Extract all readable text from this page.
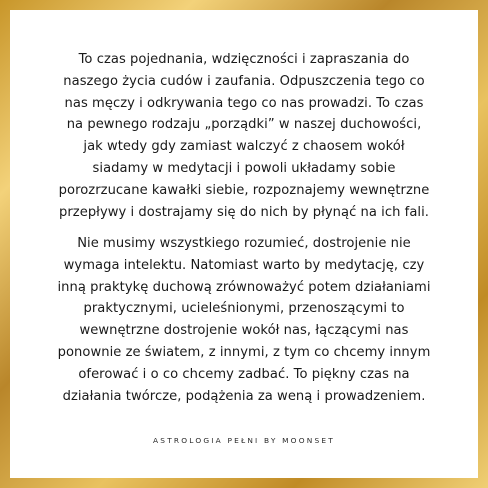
To czas pojednania, wdzięczności i zapraszania do
naszego życia cudów i zaufania. Odpuszczenia tego co
nas męczy i odkrywania tego co nas prowadzi. To czas
na pewnego rodzaju „porządki” w naszej duchowości,
jak wtedy gdy zamiast walczyć z chaosem wokół
siadamy w medytacji i powoli układamy sobie
porozrzucane kawałki siebie, rozpoznajemy wewnętrzne
przepływy i dostrajamy się do nich by płynąć na ich fali.
Nie musimy wszystkiego rozumieć, dostrojenie nie
wymaga intelektu. Natomiast warto by medytację, czy
inną praktykę duchową zrównoważyć potem działaniami
praktycznymi, ucieleśnionymi, przenoszącymi to
wewnętrzne dostrojenie wokół nas, łączącymi nas
ponownie ze światem, z innymi, z tym co chcemy innym
oferować i o co chcemy zadbać. To piękny czas na
działania twórcze, podążenia za weną i prowadzeniem.
ASTROLOGIA PEŁNI BY MOONSET
